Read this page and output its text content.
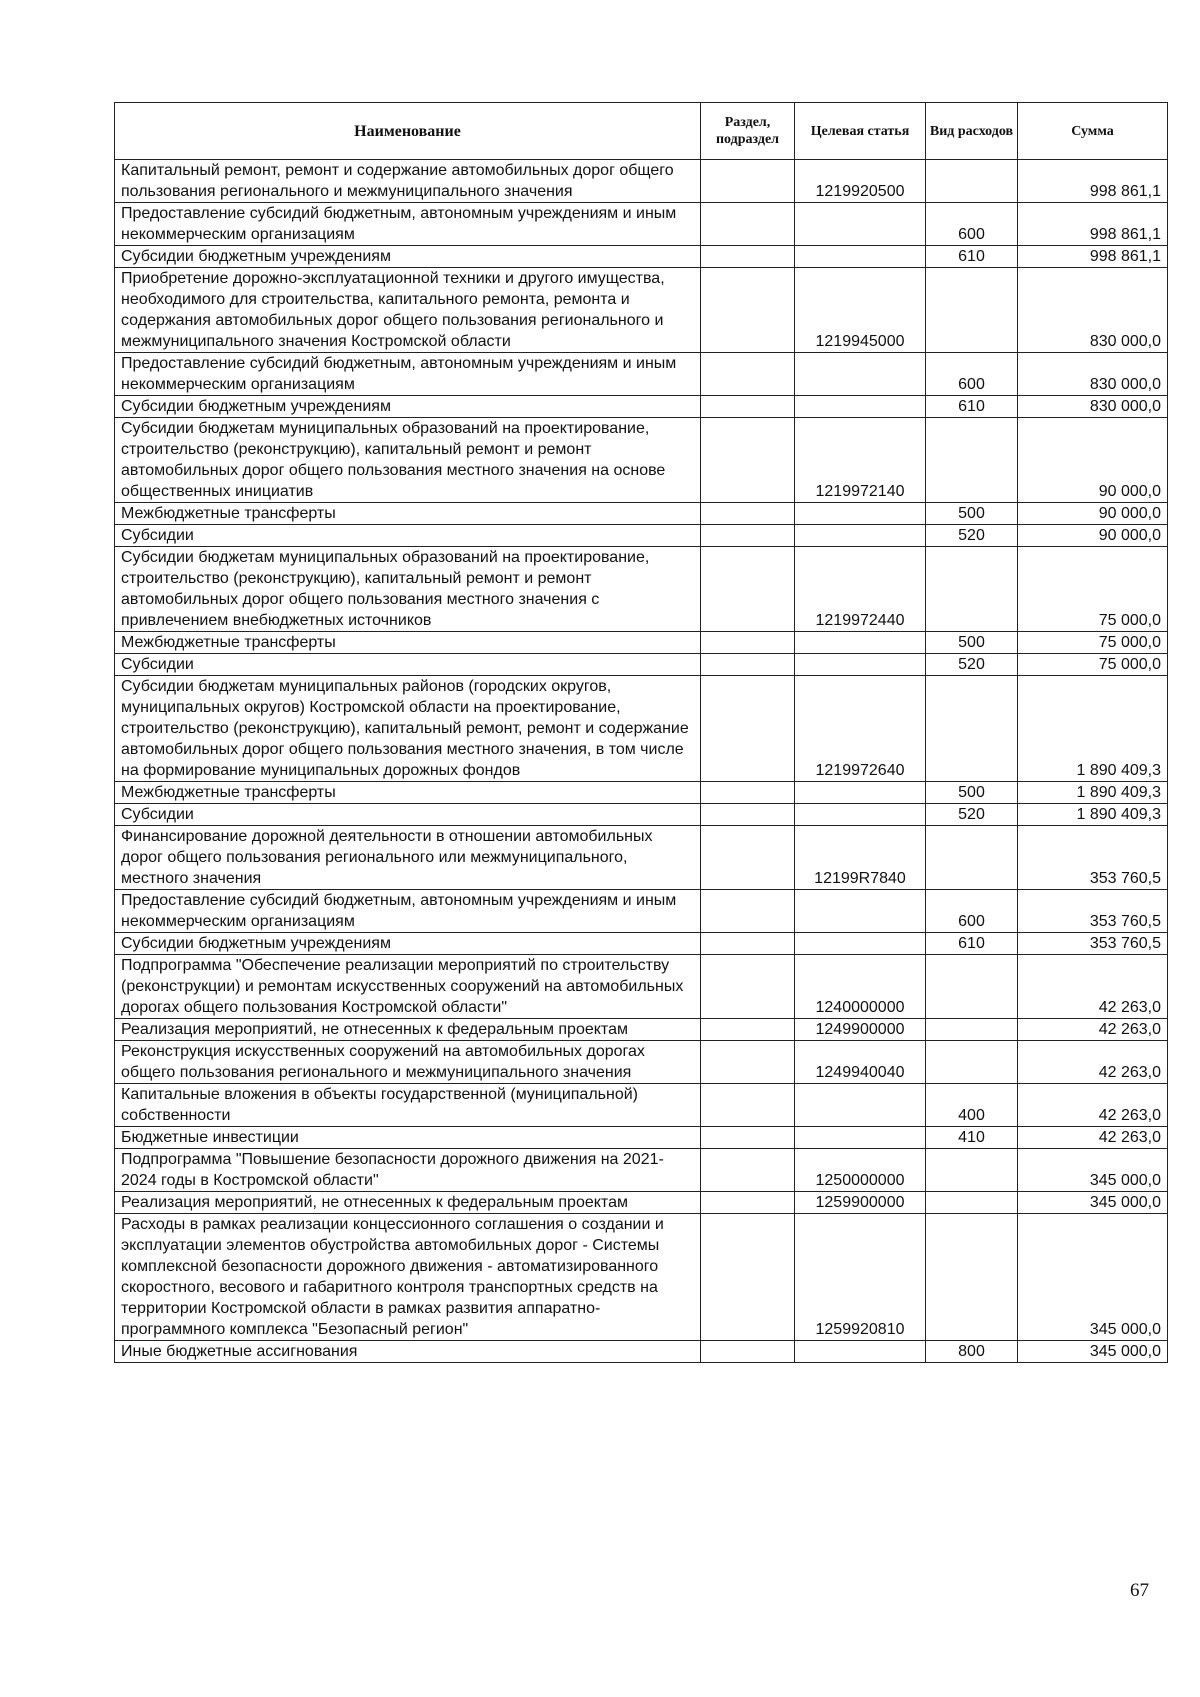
Наименование	Раздел, подраздел	Целевая статья	Вид расходов	Сумма
Капитальный ремонт, ремонт и содержание автомобильных дорог общего пользования регионального и межмуниципального значения		1219920500		998 861,1
Предоставление субсидий бюджетным, автономным учреждениям и иным некоммерческим организациям			600	998 861,1
Субсидии бюджетным учреждениям			610	998 861,1
Приобретение дорожно-эксплуатационной техники и другого имущества, необходимого для строительства, капитального ремонта, ремонта и содержания автомобильных дорог общего пользования регионального и межмуниципального значения Костромской области		1219945000		830 000,0
Предоставление субсидий бюджетным, автономным учреждениям и иным некоммерческим организациям			600	830 000,0
Субсидии бюджетным учреждениям			610	830 000,0
Субсидии бюджетам муниципальных образований на проектирование, строительство (реконструкцию), капитальный ремонт и ремонт автомобильных дорог общего пользования местного значения на основе общественных инициатив		1219972140		90 000,0
Межбюджетные трансферты			500	90 000,0
Субсидии			520	90 000,0
Субсидии бюджетам муниципальных образований на проектирование, строительство (реконструкцию), капитальный ремонт и ремонт автомобильных дорог общего пользования местного значения с привлечением внебюджетных источников		1219972440		75 000,0
Межбюджетные трансферты			500	75 000,0
Субсидии			520	75 000,0
Субсидии бюджетам муниципальных районов (городских округов, муниципальных округов) Костромской области на проектирование, строительство (реконструкцию), капитальный ремонт, ремонт и содержание автомобильных дорог общего пользования местного значения, в том числе на формирование муниципальных дорожных фондов		1219972640		1 890 409,3
Межбюджетные трансферты			500	1 890 409,3
Субсидии			520	1 890 409,3
Финансирование дорожной деятельности в отношении автомобильных дорог общего пользования регионального или межмуниципального, местного значения		12199R7840		353 760,5
Предоставление субсидий бюджетным, автономным учреждениям и иным некоммерческим организациям			600	353 760,5
Субсидии бюджетным учреждениям			610	353 760,5
Подпрограмма "Обеспечение реализации мероприятий по строительству (реконструкции) и ремонтам искусственных сооружений на автомобильных дорогах общего пользования Костромской области"		1240000000		42 263,0
Реализация мероприятий, не отнесенных к федеральным проектам		1249900000		42 263,0
Реконструкция искусственных сооружений на автомобильных дорогах общего пользования регионального и межмуниципального значения		1249940040		42 263,0
Капитальные вложения в объекты государственной (муниципальной) собственности			400	42 263,0
Бюджетные инвестиции			410	42 263,0
Подпрограмма "Повышение безопасности дорожного движения на 2021-2024 годы в Костромской области"		1250000000		345 000,0
Реализация мероприятий, не отнесенных к федеральным проектам		1259900000		345 000,0
Расходы в рамках реализации концессионного соглашения о создании и эксплуатации элементов обустройства автомобильных дорог - Системы комплексной безопасности дорожного движения - автоматизированного скоростного, весового и габаритного контроля транспортных средств на территории Костромской области в рамках развития аппаратно-программного комплекса "Безопасный регион"		1259920810		345 000,0
Иные бюджетные ассигнования			800	345 000,0
67
